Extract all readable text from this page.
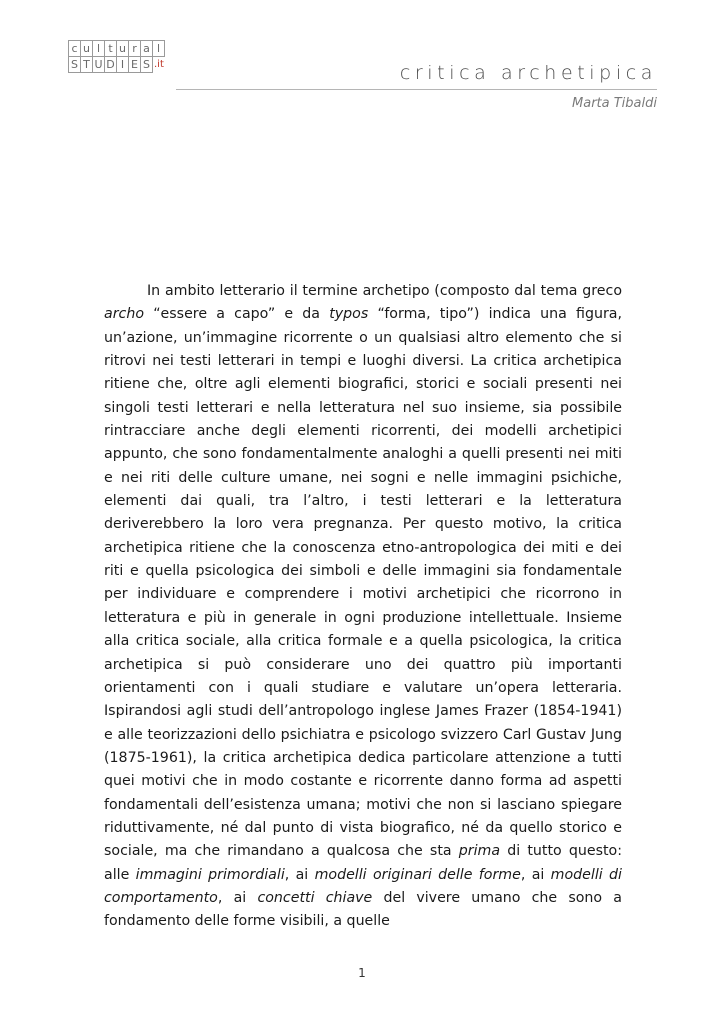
c u l t u r a l
S T U D I E S .it	critica archetipica
Marta Tibaldi

In ambito letterario il termine archetipo (composto dal tema greco archo “essere a capo” e da typos “forma, tipo”) indica una figura, un’azione, un’immagine ricorrente o un qualsiasi altro elemento che si ritrovi nei testi letterari in tempi e luoghi diversi. La critica archetipica ritiene che, oltre agli elementi biografici, storici e sociali presenti nei singoli testi letterari e nella letteratura nel suo insieme, sia possibile rintracciare anche degli elementi ricorrenti, dei modelli archetipici appunto, che sono fondamentalmente analoghi a quelli presenti nei miti e nei riti delle culture umane, nei sogni e nelle immagini psichiche, elementi dai quali, tra l’altro, i testi letterari e la letteratura deriverebbero la loro vera pregnanza. Per questo motivo, la critica archetipica ritiene che la conoscenza etno-antropologica dei miti e dei riti e quella psicologica dei simboli e delle immagini sia fondamentale per individuare e comprendere i motivi archetipici che ricorrono in letteratura e più in generale in ogni produzione intellettuale. Insieme alla critica sociale, alla critica formale e a quella psicologica, la critica archetipica si può considerare uno dei quattro più importanti orientamenti con i quali studiare e valutare un’opera letteraria. Ispirandosi agli studi dell’antropologo inglese James Frazer (1854-1941) e alle teorizzazioni dello psichiatra e psicologo svizzero Carl Gustav Jung (1875-1961), la critica archetipica dedica particolare attenzione a tutti quei motivi che in modo costante e ricorrente danno forma ad aspetti fondamentali dell’esistenza umana; motivi che non si lasciano spiegare riduttivamente, né dal punto di vista biografico, né da quello storico e sociale, ma che rimandano a qualcosa che sta prima di tutto questo: alle immagini primordiali, ai modelli originari delle forme, ai modelli di comportamento, ai concetti chiave del vivere umano che sono a fondamento delle forme visibili, a quelle

1
